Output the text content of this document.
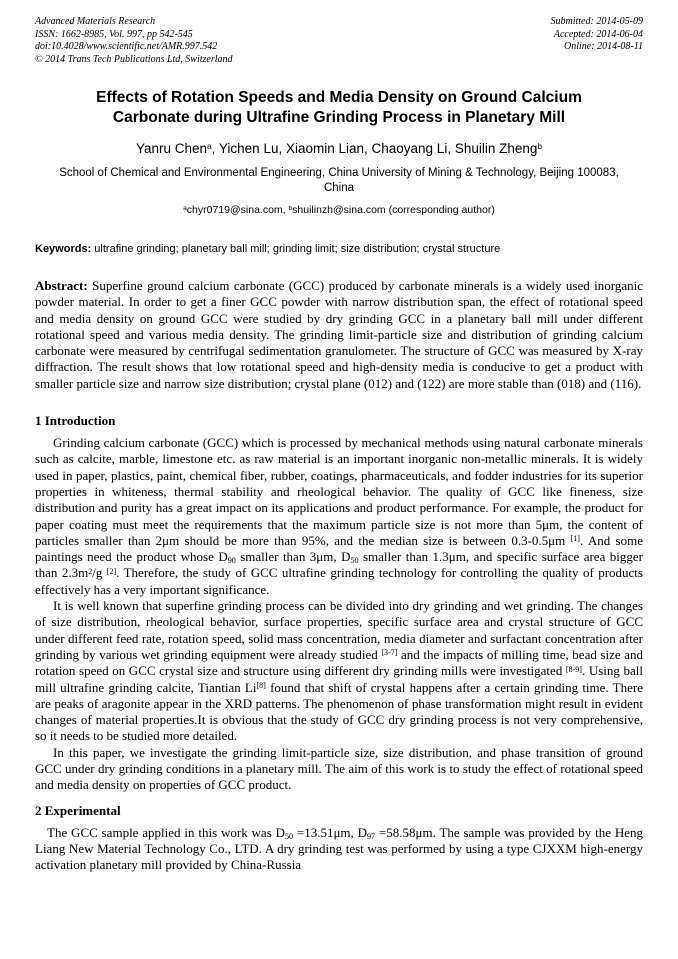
Advanced Materials Research
ISSN: 1662-8985, Vol. 997, pp 542-545
doi:10.4028/www.scientific.net/AMR.997.542
© 2014 Trans Tech Publications Ltd, Switzerland
Submitted: 2014-05-09
Accepted: 2014-06-04
Online: 2014-08-11
Effects of Rotation Speeds and Media Density on Ground Calcium Carbonate during Ultrafine Grinding Process in Planetary Mill

Yanru Chen$^a$, Yichen Lu, Xiaomin Lian, Chaoyang Li, Shuilin Zheng$^b$

School of Chemical and Environmental Engineering, China University of Mining & Technology, Beijing 100083, China

$^a$chyr0719@sina.com, $^b$shuilinzh@sina.com (corresponding author)

Keywords: ultrafine grinding; planetary ball mill; grinding limit; size distribution; crystal structure

Abstract: Superfine ground calcium carbonate (GCC) produced by carbonate minerals is a widely used inorganic powder material. In order to get a finer GCC powder with narrow distribution span, the effect of rotational speed and media density on ground GCC were studied by dry grinding GCC in a planetary ball mill under different rotational speed and various media density. The grinding limit-particle size and distribution of grinding calcium carbonate were measured by centrifugal sedimentation granulometer. The structure of GCC was measured by X-ray diffraction. The result shows that low rotational speed and high-density media is conducive to get a product with smaller particle size and narrow size distribution; crystal plane (012) and (122) are more stable than (018) and (116).

1 Introduction

Grinding calcium carbonate (GCC) which is processed by mechanical methods using natural carbonate minerals such as calcite, marble, limestone etc. as raw material is an important inorganic non-metallic minerals. It is widely used in paper, plastics, paint, chemical fiber, rubber, coatings, pharmaceuticals, and fodder industries for its superior properties in whiteness, thermal stability and rheological behavior. The quality of GCC like fineness, size distribution and purity has a great impact on its applications and product performance. For example, the product for paper coating must meet the requirements that the maximum particle size is not more than 5μm, the content of particles smaller than 2μm should be more than 95%, and the median size is between 0.3-0.5μm [1]. And some paintings need the product whose $D_{90}$ smaller than 3μm, $D_{50}$ smaller than 1.3μm, and specific surface area bigger than $2.3m^2/g$ [2]. Therefore, the study of GCC ultrafine grinding technology for controlling the quality of products effectively has a very important significance.

It is well known that superfine grinding process can be divided into dry grinding and wet grinding. The changes of size distribution, rheological behavior, surface properties, specific surface area and crystal structure of GCC under different feed rate, rotation speed, solid mass concentration, media diameter and surfactant concentration after grinding by various wet grinding equipment were already studied [3-7] and the impacts of milling time, bead size and rotation speed on GCC crystal size and structure using different dry grinding mills were investigated [8-9]. Using ball mill ultrafine grinding calcite, Tiantian Li[8] found that shift of crystal happens after a certain grinding time. There are peaks of aragonite appear in the XRD patterns. The phenomenon of phase transformation might result in evident changes of material properties.It is obvious that the study of GCC dry grinding process is not very comprehensive, so it needs to be studied more detailed.

In this paper, we investigate the grinding limit-particle size, size distribution, and phase transition of ground GCC under dry grinding conditions in a planetary mill. The aim of this work is to study the effect of rotational speed and media density on properties of GCC product.

2 Experimental

The GCC sample applied in this work was $D_{50} =13.51\mu m$, $D_{97} =58.58\mu m$. The sample was provided by the Heng Liang New Material Technology Co., LTD. A dry grinding test was performed by using a type CJXXM high-energy activation planetary mill provided by China-Russia
